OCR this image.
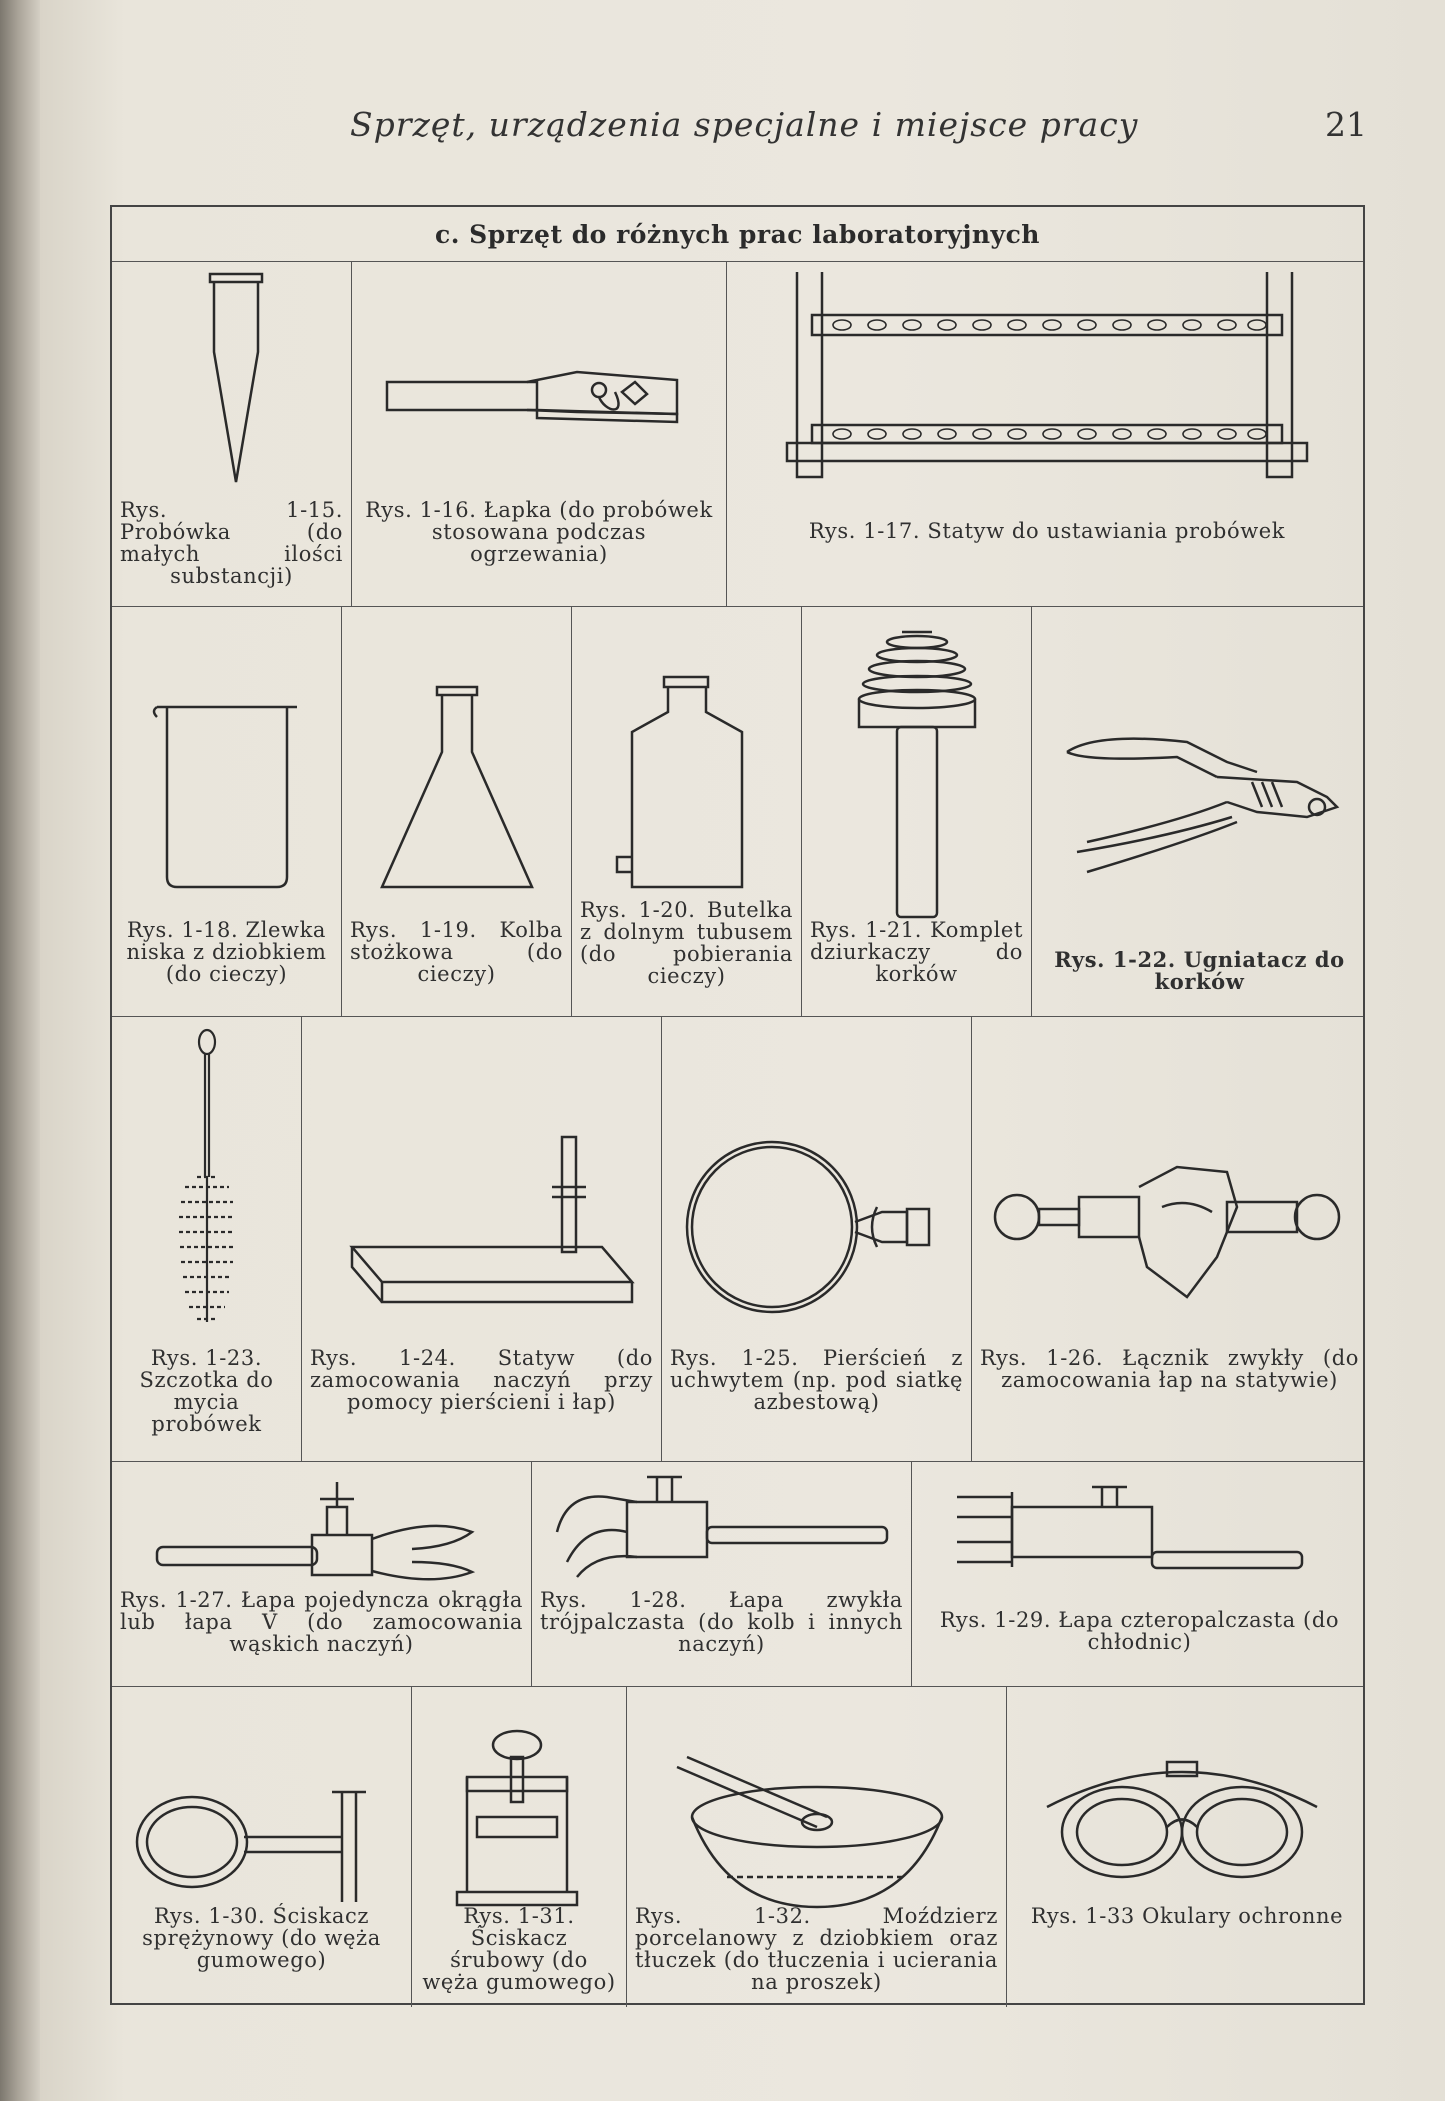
Sprzęt, urządzenia specjalne i miejsce pracy	21
c. Sprzęt do różnych prac laboratoryjnych
Rys. 1-15. Probówka (do małych ilości substancji)
Rys. 1-16. Łapka (do probówek stosowana podczas ogrzewania)
Rys. 1-17. Statyw do ustawiania probówek
Rys. 1-18. Zlewka niska z dziobkiem (do cieczy)
Rys. 1-19. Kolba stożkowa (do cieczy)
Rys. 1-20. Butelka z dolnym tubusem (do pobierania cieczy)
Rys. 1-21. Komplet dziurkaczy do korków
Rys. 1-22. Ugniatacz do korków
Rys. 1-23. Szczotka do mycia probówek
Rys. 1-24. Statyw (do zamocowania naczyń przy pomocy pierścieni i łap)
Rys. 1-25. Pierścień z uchwytem (np. pod siatkę azbestową)
Rys. 1-26. Łącznik zwykły (do zamocowania łap na statywie)
Rys. 1-27. Łapa pojedyncza okrągła lub łapa V (do zamocowania wąskich naczyń)
Rys. 1-28. Łapa zwykła trójpalczasta (do kolb i innych naczyń)
Rys. 1-29. Łapa czteropalczasta (do chłodnic)
Rys. 1-30. Ściskacz sprężynowy (do węża gumowego)
Rys. 1-31. Ściskacz śrubowy (do węża gumowego)
Rys. 1-32. Moździerz porcelanowy z dziobkiem oraz tłuczek (do tłuczenia i ucierania na proszek)
Rys. 1-33 Okulary ochronne
